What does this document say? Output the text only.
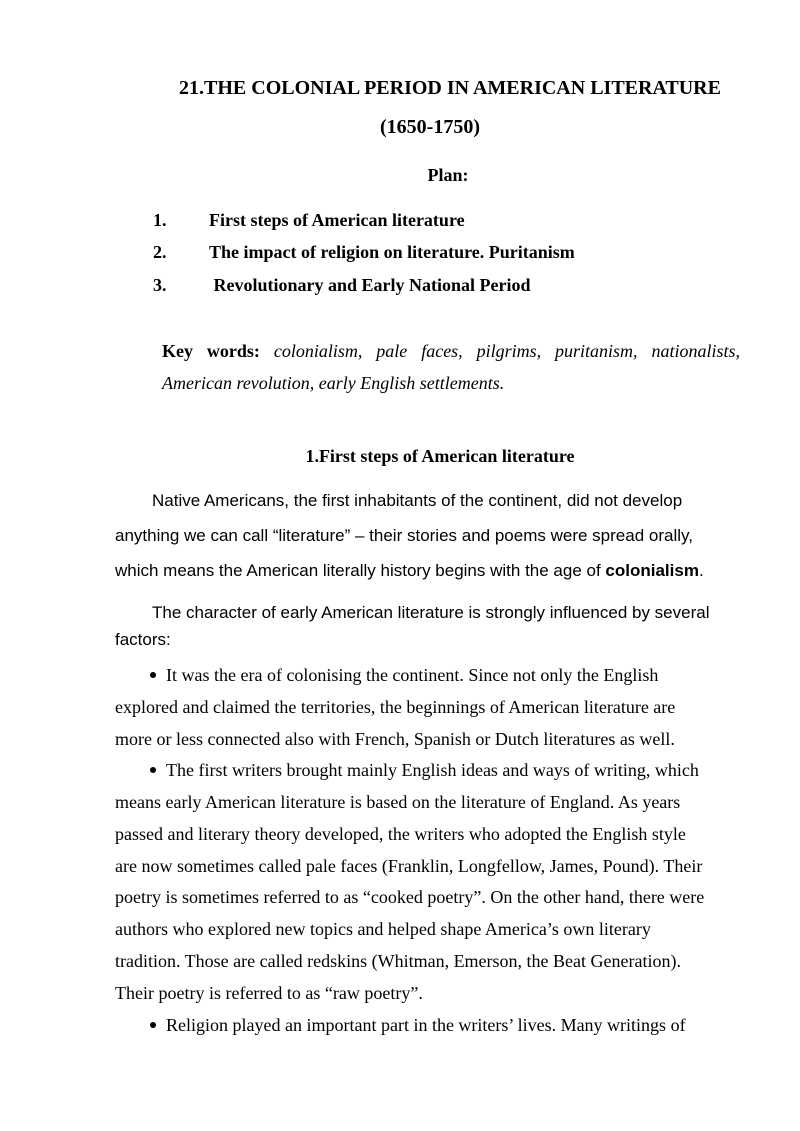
21.THE COLONIAL PERIOD IN AMERICAN LITERATURE
(1650-1750)
Plan:
1. First steps of American literature
2. The impact of religion on literature. Puritanism
3. Revolutionary and Early National Period
Key words: colonialism, pale faces, pilgrims, puritanism, nationalists,
American revolution, early English settlements.
1.First steps of American literature
Native Americans, the first inhabitants of the continent, did not develop
anything we can call “literature” – their stories and poems were spread orally,
which means the American literally history begins with the age of colonialism.
The character of early American literature is strongly influenced by several
factors:
It was the era of colonising the continent. Since not only the English
explored and claimed the territories, the beginnings of American literature are
more or less connected also with French, Spanish or Dutch literatures as well.
The first writers brought mainly English ideas and ways of writing, which
means early American literature is based on the literature of England. As years
passed and literary theory developed, the writers who adopted the English style
are now sometimes called pale faces (Franklin, Longfellow, James, Pound). Their
poetry is sometimes referred to as “cooked poetry”. On the other hand, there were
authors who explored new topics and helped shape America’s own literary
tradition. Those are called redskins (Whitman, Emerson, the Beat Generation).
Their poetry is referred to as “raw poetry”.
Religion played an important part in the writers’ lives. Many writings of
